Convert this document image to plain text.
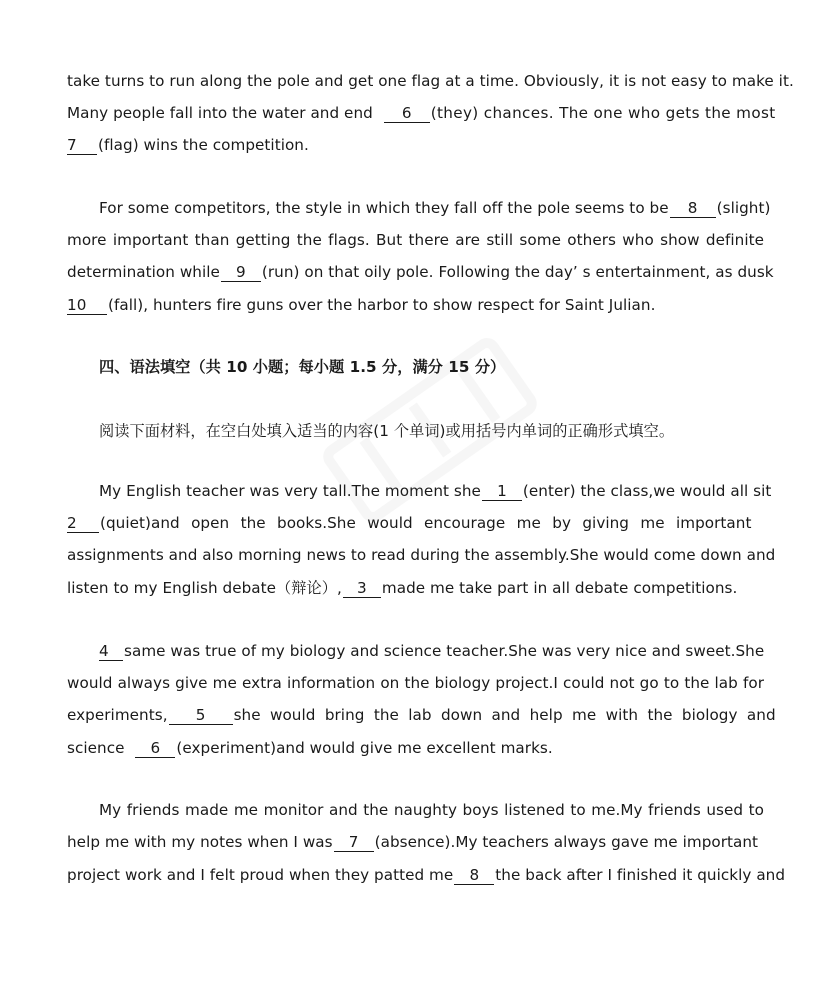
take turns to run along the pole and get one flag at a time. Obviously, it is not easy to make it.
Many people fall into the water and end 6 (they) chances. The one who gets the most
7 (flag) wins the competition.
For some competitors, the style in which they fall off the pole seems to be 8 (slight)
more important than getting the flags. But there are still some others who show definite
determination while 9 (run) on that oily pole. Following the day’ s entertainment, as dusk
10 (fall), hunters fire guns over the harbor to show respect for Saint Julian.
四、语法填空（共 10 小题；每小题 1.5 分，满分 15 分）
阅读下面材料，在空白处填入适当的内容(1 个单词)或用括号内单词的正确形式填空。
My English teacher was very tall.The moment she 1 (enter) the class,we would all sit
2 (quiet)and open the books.She would encourage me by giving me important
assignments and also morning news to read during the assembly.She would come down and
listen to my English debate（辩论）, 3 made me take part in all debate competitions.
4 same was true of my biology and science teacher.She was very nice and sweet.She
would always give me extra information on the biology project.I could not go to the lab for
experiments, 5 she would bring the lab down and help me with the biology and
science 6 (experiment)and would give me excellent marks.
My friends made me monitor and the naughty boys listened to me.My friends used to
help me with my notes when I was 7 (absence).My teachers always gave me important
project work and I felt proud when they patted me 8 the back after I finished it quickly and
